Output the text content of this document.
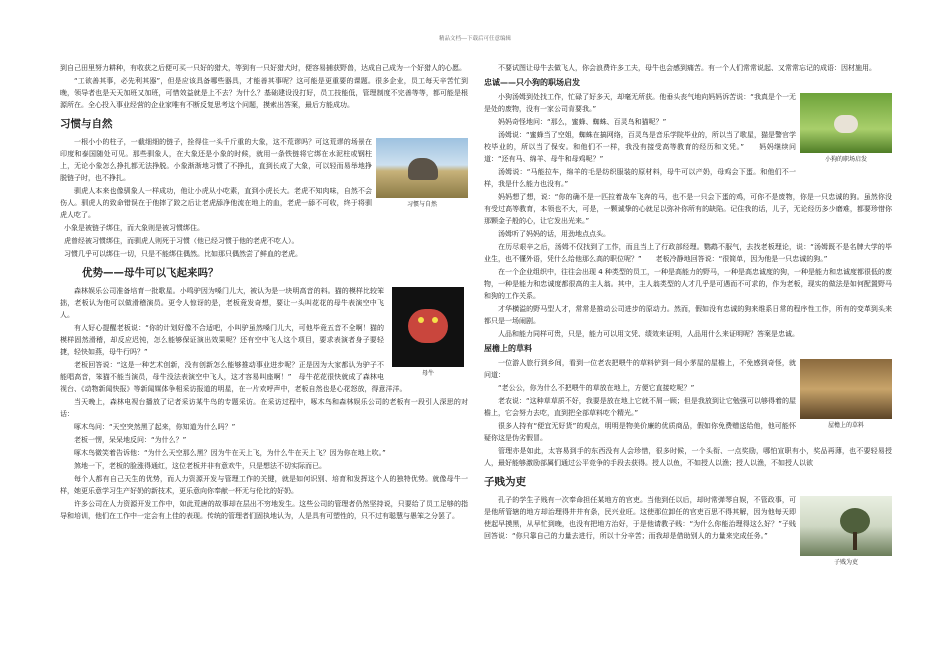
精品文档---下载后可任意编辑

到自己田里努力耕种，有收获之后便可买一只好的猎犬，等到有一只好猎犬时，便容易捕获野兽，达成自己成为一个好猎人的心愿。

“工欲善其事，必先利其器”，但是应该具备哪些器具，才能善其事呢？这可能是更重要的课题。很多企业，员工每天辛苦忙到晚，领导者也是天天加班又加班，可惜效益就是上不去？为什么？基础建设没打好，员工技能低，管理制度不完善等等，都可能是根源所在。全心投入事业经营的企业家唯有不断反复思考这个问题，摸索出答案，最后方能成功。

习惯与自然
习惯与自然

一根小小的柱子，一截细细的链子，拴得住一头千斤重的大象，这不荒谬吗？可这荒谬的场景在印度和泰国随处可见。那些驯象人，在大象还是小象的时候，就用一条铁链将它绑在水泥柱或钢柱上，无论小象怎么挣扎都无法挣脱。小象渐渐地习惯了不挣扎，直到长成了大象，可以轻而易举地挣脱链子时，也不挣扎。

驯虎人本来也像驯象人一样成功，他让小虎从小吃素，直到小虎长大。老虎不知肉味，自然不会伤人。驯虎人的致命错误在于他摔了跤之后让老虎舔净他流在地上的血，老虎一舔不可收，终于将驯虎人吃了。

小象是被链子绑住，而大象则是被习惯绑住。

虎曾经被习惯绑住，而驯虎人则死于习惯（他已经习惯于他的老虎不吃人）。

习惯几乎可以绑住一切，只是不能绑住偶然。比如那只偶然尝了鲜血的老虎。

优势——母牛可以飞起来吗？
母牛

森林娱乐公司准备培育一批歌星。小鸣驴因为嗓门儿大，被认为是一块明高音的料。猫的模样比较笨拙，老板认为他可以做滑稽演员。更令人惊讶的是，老板竟发奇想，要让一头叫花花的母牛表演空中飞人。

有人好心提醒老板说：“你的计划好像不合适吧，小叫驴虽然嗓门儿大，可他毕竟五音不全啊！猫的模样固然滑稽，却反应迟钝，怎么能够保证演出效果呢？还有空中飞人这个项目，要求表演者身子要轻捷，轻快如燕，母牛行吗？”

老板回答说：“这是一种艺术创新，没有创新怎么能够推动事业进步呢？正是因为大家都认为驴子不能唱高音，笨猫不能当演员，母牛没法表演空中飞人，这才容易叫座啊！”　母牛花花很快就成了森林电视台、《动物新闻快报》等新闻媒体争相采访报道的明星，在一片欢呼声中，老板自然也是心花怒放，得意洋洋。

当天晚上，森林电视台播放了记者采访某牛鸟的专题采访。在采访过程中，啄木鸟和森林娱乐公司的老板有一段引人深思的对话：

啄木鸟问：“天空突然黑了起来，你知道为什么吗？”

老板一愣，呆呆地反问：“为什么？”

啄木鸟微笑着告诉他：“为什么天空那么黑？因为牛在天上飞，为什么牛在天上飞？因为你在地上吹。”

煞地一下，老板的脸涨得通红，这位老板并非有意欢牛，只是想法不切实际而已。

每个人都有自己天生的优势，而人力资源开发与管理工作的关键，就是如何识别、培育和发挥这个人的独特优势。就像母牛一样，她更乐意学习生产好奶的新技术，更乐意向你奉献一杯无与伦比的好奶。

许多公司在人力资源开发工作中，如此荒唐的故事却在层出不穷地发生。这些公司的管理者仍然坚持说，只要给了员工足够的指导和培训，他们在工作中一定会有上佳的表现。传统的管理者们固执地认为，人是具有可塑性的，只不过有聪慧与愚笨之分罢了。

不要试图让母牛去做飞人，你会浪费许多工夫，母牛也会感到痛苦。有一个人们常常说起、又常常忘记的成语：因材施用。

忠诚——只小狗的职场启发
小狗的职场启发

小狗汤姆到处找工作，忙碌了好多天，却毫无所获。他垂头丧气地向妈妈诉苦说：“我真是个一无是处的废物，没有一家公司肯要我。”

妈妈奇怪地问：“那么，蜜蜂、蜘蛛、百灵鸟和猫呢？”

汤姆说：“蜜蜂当了空姐，蜘蛛在搞网络，百灵鸟是音乐学院毕业的，所以当了歌星，猫是警官学校毕业的，所以当了保安。和他们不一样，我没有接受高等教育的经历和文凭。”　　妈妈继续问道：“还有马、绵羊、母牛和母鸡呢？”

汤姆说：“马能拉车，绵羊的毛是纺织服装的原材料，母牛可以产奶，母鸡会下蛋。和他们不一样，我是什么能力也没有。”

妈妈想了想，说：“你的确不是一匹拉着战车飞奔的马，也不是一只会下蛋的鸡，可你不是废物，你是一只忠诚的狗。虽然你没有受过高等教育，本领也不大，可是，一颗诚挚的心就足以弥补你所有的缺陷。记住我的话，儿子，无论经历多少磨难，都要珍惜你那颗金子般的心，让它发出光来。”

汤姆听了妈妈的话，用劲地点点头。

在历尽艰辛之后，汤姆不仅找到了工作，而且当上了行政部经理。鹦鹉不服气，去找老板理论，说：“汤姆既不是名牌大学的毕业生，也不懂外语，凭什么给他那么高的职位呢？”　　老板冷静地回答说：“很简单，因为他是一只忠诚的狗。”

在一个企业组织中，往往会出现 4 种类型的员工，一种是高能力的野马，一种是高忠诚度的狗，一种是能力和忠诚度都很低的废物，一种是能力和忠诚度都很高的主人翁。其中，主人翁类型的人才几乎是可遇而不可求的，作为老板，现实的做法是如何配置野马和狗的工作关系。

才华横溢的野马型人才，常常是推动公司进步的原动力。然而，假如没有忠诚的狗来维系日常的程序性工作，所有的变革到头来都只是一场闹剧。

人品和能力同样可贵，只是，能力可以用文凭、绩效来证明，人品用什么来证明呢？答案是忠诚。

屋檐上的草料
屋檐上的草料

一位游人旅行到乡间，看到一位老农把喂牛的草料铲到一间小茅屋的屋檐上，不免感到奇怪，就问道：

“老公公，你为什么不把喂牛的草放在地上，方便它直接吃呢？”

老农说：“这种草草质不好，我要是放在地上它就不屑一顾；但是我放到让它勉强可以够得着的屋檐上，它会努力去吃，直到把全部草料吃个精光。”

很多人持有“便宜无好货”的观点，明明是物美价廉的优质商品，假如你免费赠送给他，他可能怀疑你这是伪劣假冒。

管理亦是如此，太容易到手的东西没有人会珍惜，很多时候，一个头衔、一点奖励，哪怕宣职有小，奖品再薄，也不要轻易授人，最好能够激励部属们通过公平竞争的手段去获得。授人以鱼，不如授人以渔；授人以渔，不如授人以欲

子贱为吏
子贱为吏

孔子的学生子贱有一次奉命担任某地方的官吏。当他到任以后，却时常弹琴自娱，不管政事，可是他所管辖的地方却治理得井井有条，民兴业旺。这使那位卸任的官吏百思不得其解，因为他每天即使起早摸黑，从早忙到晚，也没有把地方治好，于是他请教子贱：“为什么你能治理得这么好？”子贱回答说：“你只靠自己的力量去进行，所以十分辛苦；而我却是借助别人的力量来完成任务。”
